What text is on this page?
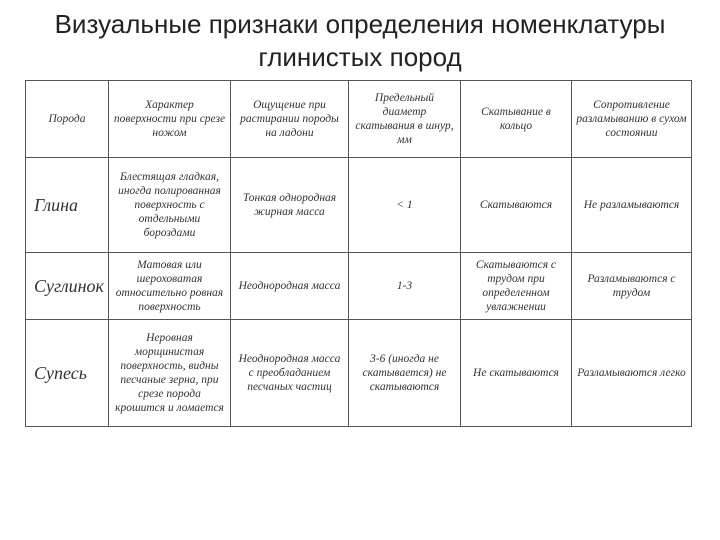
Визуальные признаки определения номенклатуры
глинистых пород
Порода	Характер поверхности при срезе ножом	Ощущение при растирании породы на ладони	Предельный диаметр скатывания в шнур, мм	Скатывание в кольцо	Сопротивление разламыванию в сухом состоянии
Глина	Блестящая гладкая, иногда полированная поверхность с отдельными бороздами	Тонкая однородная жирная масса	< 1	Скатываются	Не разламываются
Суглинок	Матовая или шероховатая относительно ровная поверхность	Неоднородная масса	1-3	Скатываются с трудом при определенном увлажнении	Разламываются с трудом
Супесь	Неровная морщинистая поверхность, видны песчаные зерна, при срезе порода крошится и ломается	Неоднородная масса с преобладанием песчаных частиц	3-6 (иногда не скатывается) не скатываются	Не скатываются	Разламываются легко
